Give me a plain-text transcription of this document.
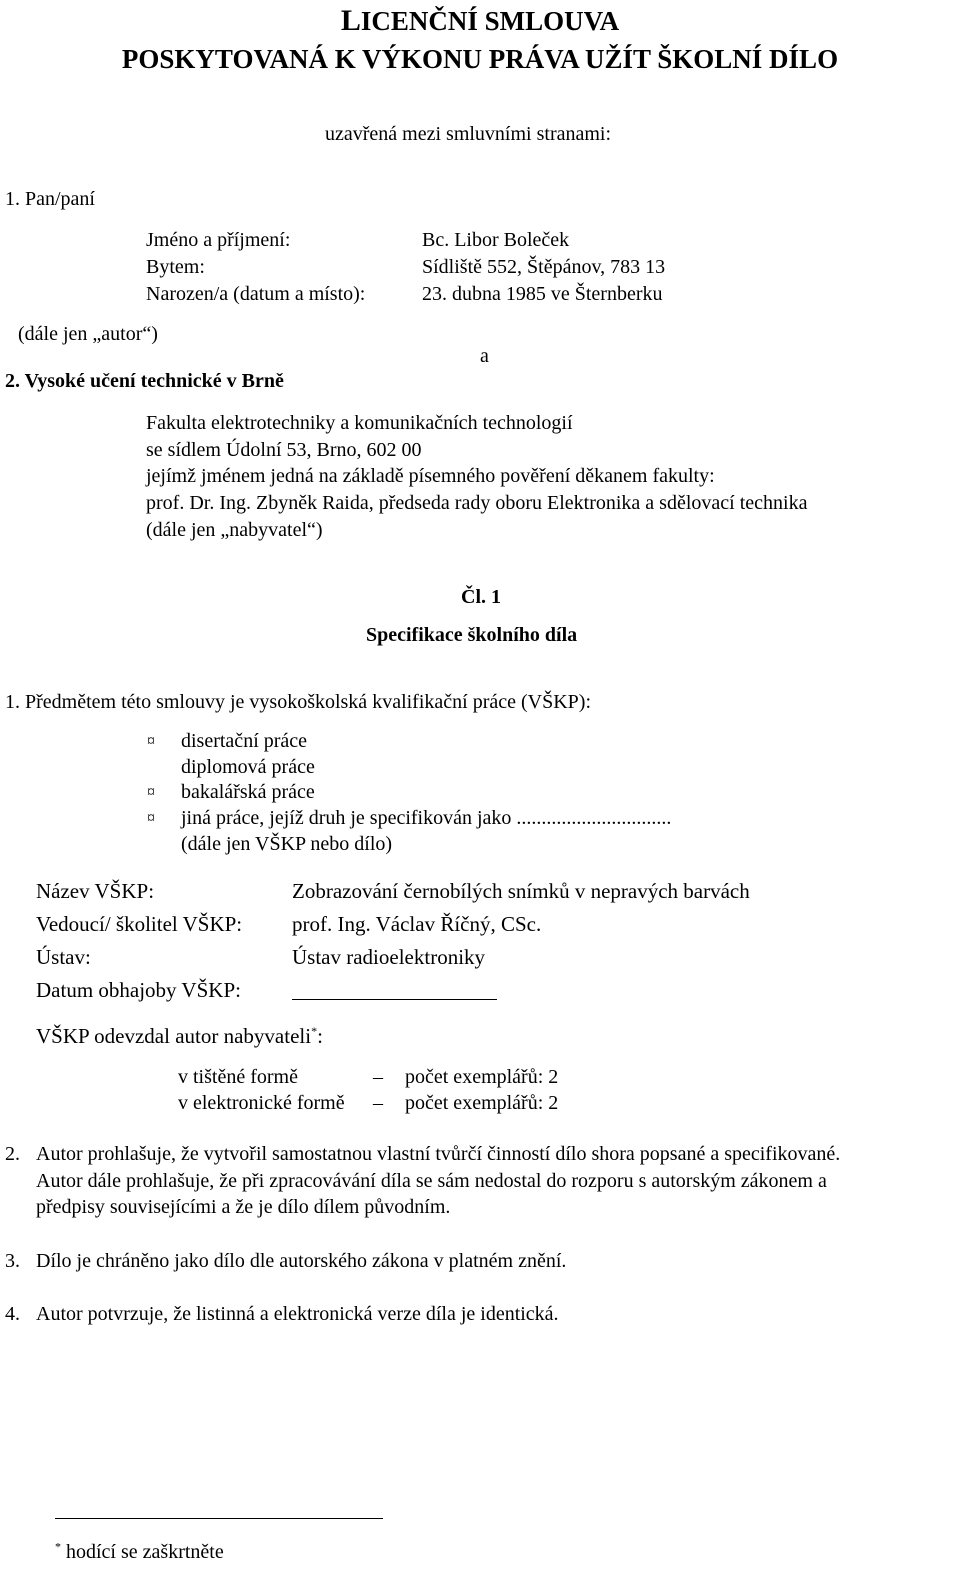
LICENČNÍ SMLOUVA
POSKYTOVANÁ K VÝKONU PRÁVA UŽÍT ŠKOLNÍ DÍLO
uzavřená mezi smluvními stranami:
1. Pan/paní
Jméno a příjmení:	Bc. Libor Boleček
Bytem:	Sídliště 552, Štěpánov, 783 13
Narozen/a (datum a místo):	23. dubna 1985 ve Šternberku
(dále jen „autor“)
a
2. Vysoké učení technické v Brně
Fakulta elektrotechniky a komunikačních technologií
se sídlem Údolní 53, Brno, 602 00
jejímž jménem jedná na základě písemného pověření děkanem fakulty:
prof. Dr. Ing. Zbyněk Raida, předseda rady oboru Elektronika a sdělovací technika
(dále jen „nabyvatel“)
Čl. 1
Specifikace školního díla
1. Předmětem této smlouvy je vysokoškolská kvalifikační práce (VŠKP):
¤ disertační práce
diplomová práce
¤ bakalářská práce
¤ jiná práce, jejíž druh je specifikován jako ...............................
(dále jen VŠKP nebo dílo)
Název VŠKP:	Zobrazování černobílých snímků v nepravých barvách
Vedoucí/ školitel VŠKP: prof. Ing. Václav Říčný, CSc.
Ústav:	Ústav radioelektroniky
Datum obhajoby VŠKP:
VŠKP odevzdal autor nabyvateli*:
v tištěné formě	– počet exemplářů: 2
v elektronické formě – počet exemplářů: 2
2. Autor prohlašuje, že vytvořil samostatnou vlastní tvůrčí činností dílo shora popsané a specifikované.
Autor dále prohlašuje, že při zpracovávání díla se sám nedostal do rozporu s autorským zákonem a
předpisy souvisejícími a že je dílo dílem původním.
3. Dílo je chráněno jako dílo dle autorského zákona v platném znění.
4. Autor potvrzuje, že listinná a elektronická verze díla je identická.
* hodící se zaškrtněte
